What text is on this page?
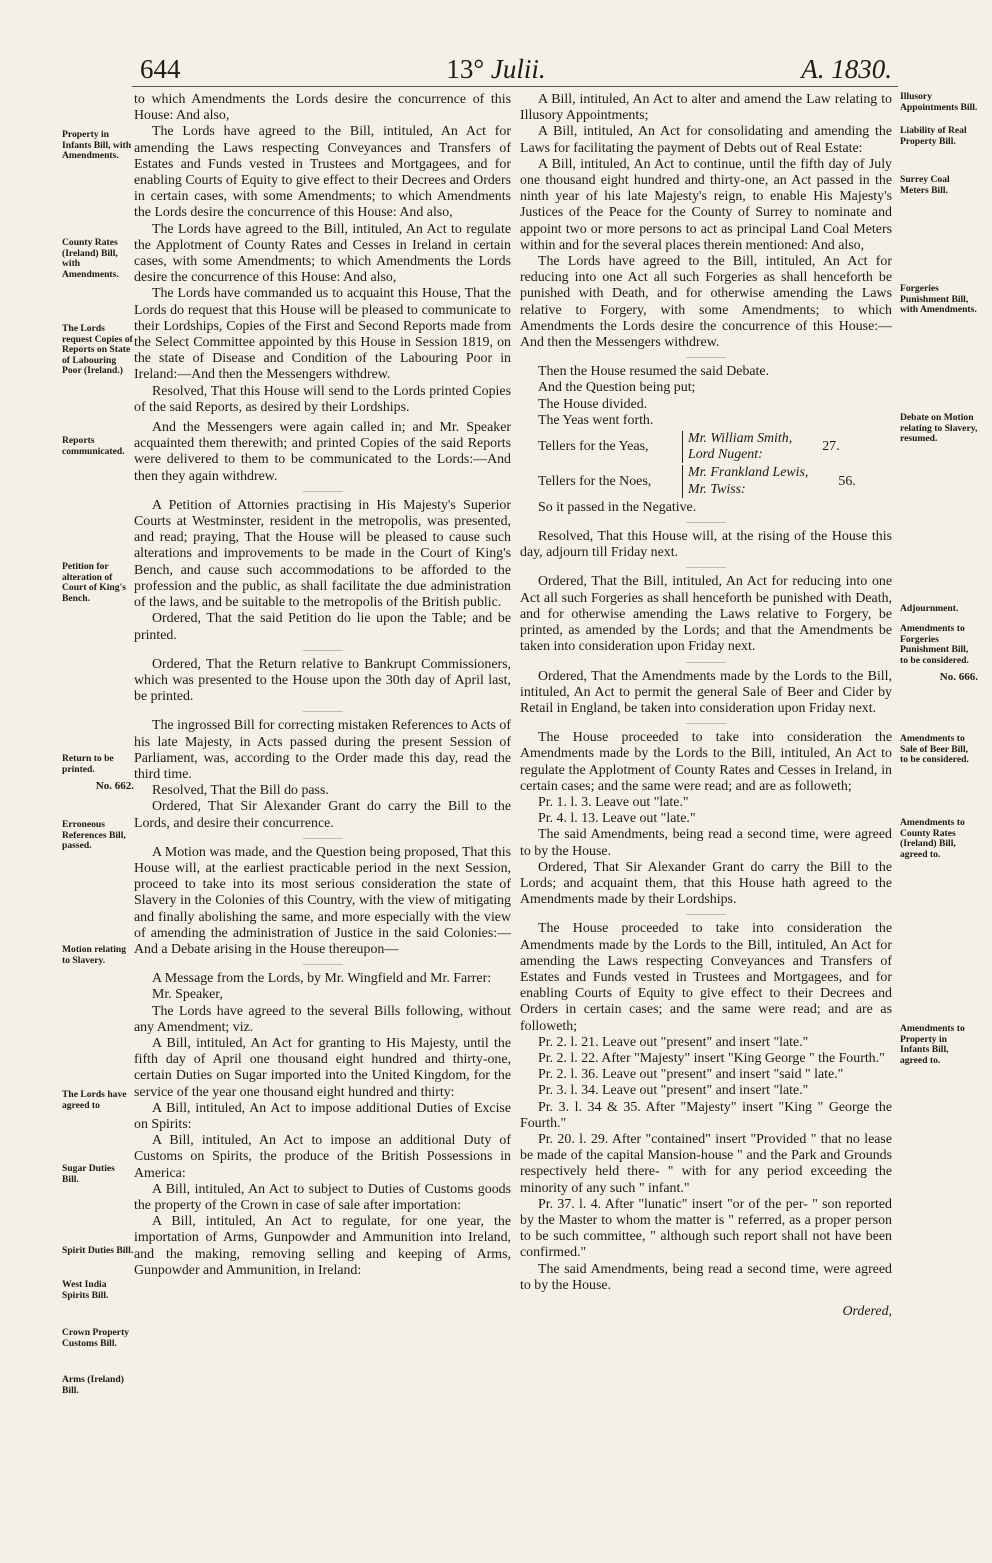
644	13° Julii.	A. 1830.
Property in Infants Bill, with Amendments.
County Rates (Ireland) Bill, with Amendments.
The Lords request Copies of Reports on State of Labouring Poor (Ireland.)
Reports communicated.
Petition for alteration of Court of King's Bench.
Return to be printed.
No. 662.
Erroneous References Bill, passed.
Motion relating to Slavery.
The Lords have agreed to
Sugar Duties Bill.
Spirit Duties Bill.
West India Spirits Bill.
Crown Property Customs Bill.
Arms (Ireland) Bill.
Illusory Appointments Bill.
Liability of Real Property Bill.
Surrey Coal Meters Bill.
Forgeries Punishment Bill, with Amendments.
Debate on Motion relating to Slavery, resumed.
Adjournment.
Amendments to Forgeries Punishment Bill, to be considered.
No. 666.
Amendments to Sale of Beer Bill, to be considered.
Amendments to County Rates (Ireland) Bill, agreed to.
Amendments to Property in Infants Bill, agreed to.

to which Amendments the Lords desire the concurrence of this House: And also,

The Lords have agreed to the Bill, intituled, An Act for amending the Laws respecting Conveyances and Transfers of Estates and Funds vested in Trustees and Mortgagees, and for enabling Courts of Equity to give effect to their Decrees and Orders in certain cases, with some Amendments; to which Amendments the Lords desire the concurrence of this House: And also,

The Lords have agreed to the Bill, intituled, An Act to regulate the Applotment of County Rates and Cesses in Ireland in certain cases, with some Amendments; to which Amendments the Lords desire the concurrence of this House: And also,

The Lords have commanded us to acquaint this House, That the Lords do request that this House will be pleased to communicate to their Lordships, Copies of the First and Second Reports made from the Select Committee appointed by this House in Session 1819, on the state of Disease and Condition of the Labouring Poor in Ireland:—And then the Messengers withdrew.

Resolved, That this House will send to the Lords printed Copies of the said Reports, as desired by their Lordships.

And the Messengers were again called in; and Mr. Speaker acquainted them therewith; and printed Copies of the said Reports were delivered to them to be communicated to the Lords:—And then they again withdrew.

A Petition of Attornies practising in His Majesty's Superior Courts at Westminster, resident in the metropolis, was presented, and read; praying, That the House will be pleased to cause such alterations and improvements to be made in the Court of King's Bench, and cause such accommodations to be afforded to the profession and the public, as shall facilitate the due administration of the laws, and be suitable to the metropolis of the British public.

Ordered, That the said Petition do lie upon the Table; and be printed.

Ordered, That the Return relative to Bankrupt Commissioners, which was presented to the House upon the 30th day of April last, be printed.

The ingrossed Bill for correcting mistaken References to Acts of his late Majesty, in Acts passed during the present Session of Parliament, was, according to the Order made this day, read the third time.

Resolved, That the Bill do pass.

Ordered, That Sir Alexander Grant do carry the Bill to the Lords, and desire their concurrence.

A Motion was made, and the Question being proposed, That this House will, at the earliest practicable period in the next Session, proceed to take into its most serious consideration the state of Slavery in the Colonies of this Country, with the view of mitigating and finally abolishing the same, and more especially with the view of amending the administration of Justice in the said Colonies:—And a Debate arising in the House thereupon—

A Message from the Lords, by Mr. Wingfield and Mr. Farrer:

Mr. Speaker,

The Lords have agreed to the several Bills following, without any Amendment; viz.

A Bill, intituled, An Act for granting to His Majesty, until the fifth day of April one thousand eight hundred and thirty-one, certain Duties on Sugar imported into the United Kingdom, for the service of the year one thousand eight hundred and thirty:

A Bill, intituled, An Act to impose additional Duties of Excise on Spirits:

A Bill, intituled, An Act to impose an additional Duty of Customs on Spirits, the produce of the British Possessions in America:

A Bill, intituled, An Act to subject to Duties of Customs goods the property of the Crown in case of sale after importation:

A Bill, intituled, An Act to regulate, for one year, the importation of Arms, Gunpowder and Ammunition into Ireland, and the making, removing selling and keeping of Arms, Gunpowder and Ammunition, in Ireland:

A Bill, intituled, An Act to alter and amend the Law relating to Illusory Appointments;

A Bill, intituled, An Act for consolidating and amending the Laws for facilitating the payment of Debts out of Real Estate:

A Bill, intituled, An Act to continue, until the fifth day of July one thousand eight hundred and thirty-one, an Act passed in the ninth year of his late Majesty's reign, to enable His Majesty's Justices of the Peace for the County of Surrey to nominate and appoint two or more persons to act as principal Land Coal Meters within and for the several places therein mentioned: And also,

The Lords have agreed to the Bill, intituled, An Act for reducing into one Act all such Forgeries as shall henceforth be punished with Death, and for otherwise amending the Laws relative to Forgery, with some Amendments; to which Amendments the Lords desire the concurrence of this House:—And then the Messengers withdrew.

Then the House resumed the said Debate.

And the Question being put;

The House divided.

The Yeas went forth.

Tellers for the Yeas,
Mr. William Smith,
Lord Nugent:
27.
Tellers for the Noes,
Mr. Frankland Lewis,
Mr. Twiss:
56.

So it passed in the Negative.

Resolved, That this House will, at the rising of the House this day, adjourn till Friday next.

Ordered, That the Bill, intituled, An Act for reducing into one Act all such Forgeries as shall henceforth be punished with Death, and for otherwise amending the Laws relative to Forgery, be printed, as amended by the Lords; and that the Amendments be taken into consideration upon Friday next.

Ordered, That the Amendments made by the Lords to the Bill, intituled, An Act to permit the general Sale of Beer and Cider by Retail in England, be taken into consideration upon Friday next.

The House proceeded to take into consideration the Amendments made by the Lords to the Bill, intituled, An Act to regulate the Applotment of County Rates and Cesses in Ireland, in certain cases; and the same were read; and are as followeth;

Pr. 1. l. 3. Leave out "late."

Pr. 4. l. 13. Leave out "late."

The said Amendments, being read a second time, were agreed to by the House.

Ordered, That Sir Alexander Grant do carry the Bill to the Lords; and acquaint them, that this House hath agreed to the Amendments made by their Lordships.

The House proceeded to take into consideration the Amendments made by the Lords to the Bill, intituled, An Act for amending the Laws respecting Conveyances and Transfers of Estates and Funds vested in Trustees and Mortgagees, and for enabling Courts of Equity to give effect to their Decrees and Orders in certain cases; and the same were read; and are as followeth;

Pr. 2. l. 21. Leave out "present" and insert "late."

Pr. 2. l. 22. After "Majesty" insert "King George " the Fourth."

Pr. 2. l. 36. Leave out "present" and insert "said " late."

Pr. 3. l. 34. Leave out "present" and insert "late."

Pr. 3. l. 34 & 35. After "Majesty" insert "King " George the Fourth."

Pr. 20. l. 29. After "contained" insert "Provided " that no lease be made of the capital Mansion-house " and the Park and Grounds respectively held there- " with for any period exceeding the minority of any such " infant."

Pr. 37. l. 4. After "lunatic" insert "or of the per- " son reported by the Master to whom the matter is " referred, as a proper person to be such committee, " although such report shall not have been confirmed."

The said Amendments, being read a second time, were agreed to by the House.

Ordered,
